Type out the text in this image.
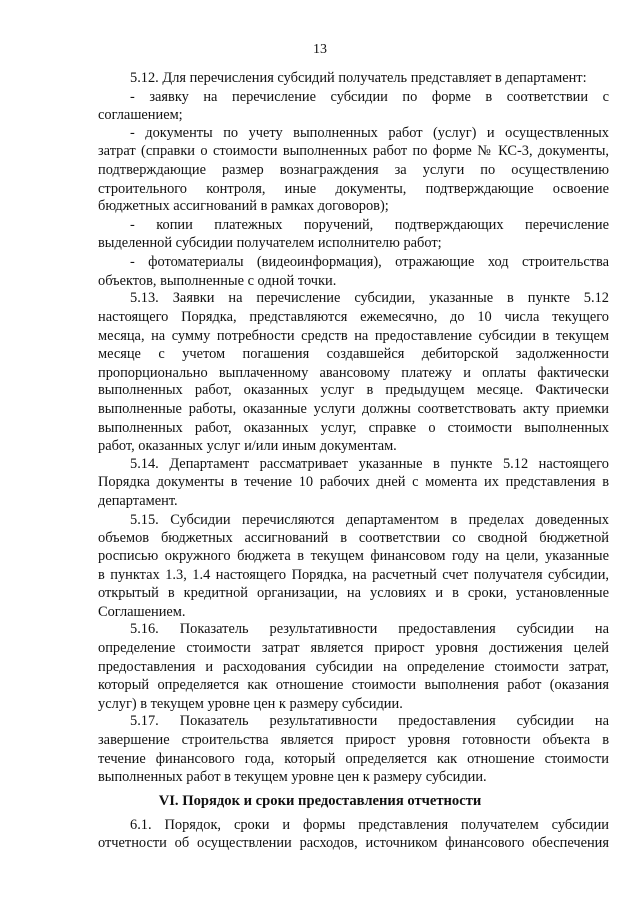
13
5.12. Для перечисления субсидий получатель представляет в департамент:
- заявку на перечисление субсидии по форме в соответствии с
соглашением;
- документы по учету выполненных работ (услуг) и осуществленных
затрат (справки о стоимости выполненных работ по форме № КС-3, документы,
подтверждающие размер вознаграждения за услуги по осуществлению
строительного контроля, иные документы, подтверждающие освоение
бюджетных ассигнований в рамках договоров);
- копии платежных поручений, подтверждающих перечисление
выделенной субсидии получателем исполнителю работ;
- фотоматериалы (видеоинформация), отражающие ход строительства
объектов, выполненные с одной точки.
5.13. Заявки на перечисление субсидии, указанные в пункте 5.12
настоящего Порядка, представляются ежемесячно, до 10 числа текущего
месяца, на сумму потребности средств на предоставление субсидии в текущем
месяце с учетом погашения создавшейся дебиторской задолженности
пропорционально выплаченному авансовому платежу и оплаты фактически
выполненных работ, оказанных услуг в предыдущем месяце. Фактически
выполненные работы, оказанные услуги должны соответствовать акту приемки
выполненных работ, оказанных услуг, справке о стоимости выполненных
работ, оказанных услуг и/или иным документам.
5.14. Департамент рассматривает указанные в пункте 5.12 настоящего
Порядка документы в течение 10 рабочих дней с момента их представления в
департамент.
5.15. Субсидии перечисляются департаментом в пределах доведенных
объемов бюджетных ассигнований в соответствии со сводной бюджетной
росписью окружного бюджета в текущем финансовом году на цели, указанные
в пунктах 1.3, 1.4 настоящего Порядка, на расчетный счет получателя субсидии,
открытый в кредитной организации, на условиях и в сроки, установленные
Соглашением.
5.16. Показатель результативности предоставления субсидии на
определение стоимости затрат является прирост уровня достижения целей
предоставления и расходования субсидии на определение стоимости затрат,
который определяется как отношение стоимости выполнения работ (оказания
услуг) в текущем уровне цен к размеру субсидии.
5.17. Показатель результативности предоставления субсидии на
завершение строительства является прирост уровня готовности объекта в
течение финансового года, который определяется как отношение стоимости
выполненных работ в текущем уровне цен к размеру субсидии.
VI. Порядок и сроки предоставления отчетности
6.1. Порядок, сроки и формы представления получателем субсидии
отчетности об осуществлении расходов, источником финансового обеспечения
